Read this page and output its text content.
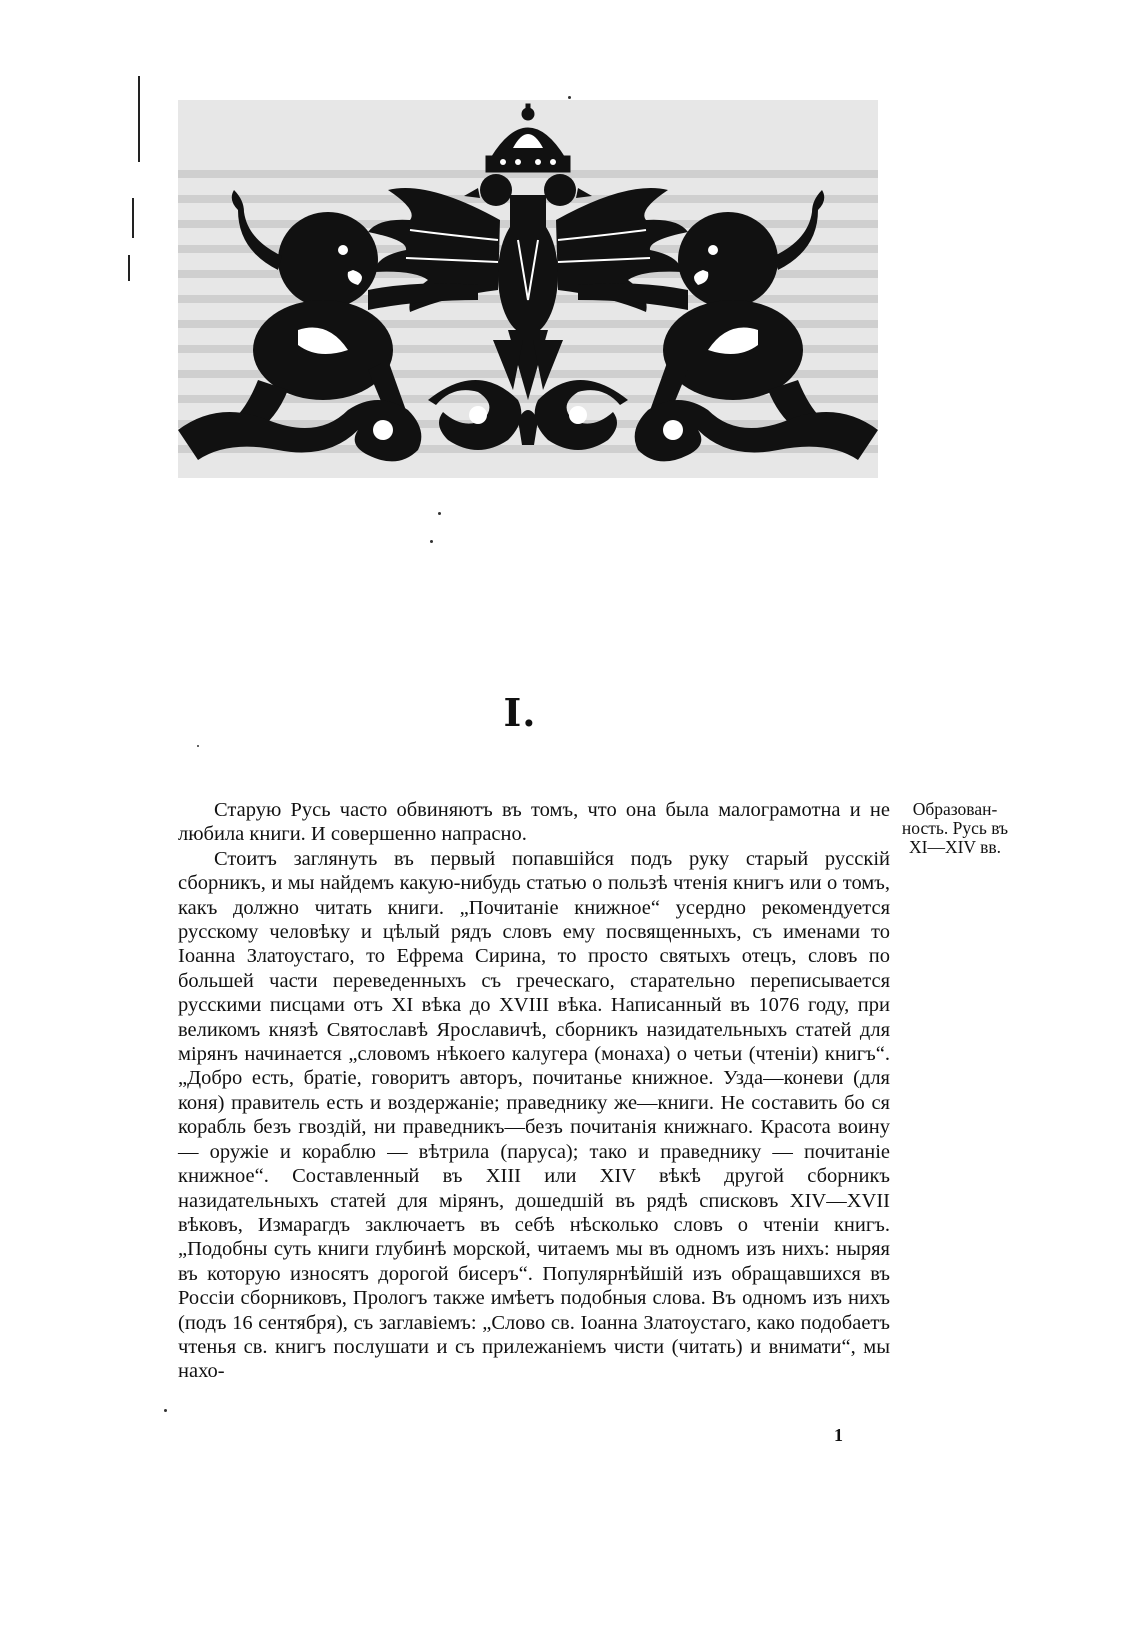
I.

Старую Русь часто обвиняютъ въ томъ, что она была малограмотна и не любила книги. И совершенно напрасно.

Стоитъ заглянуть въ первый попавшійся подъ руку старый русскій сборникъ, и мы найдемъ какую-нибудь статью о пользѣ чтенія книгъ или о томъ, какъ должно читать книги. „Почитаніе книжное“ усердно рекомендуется русскому человѣку и цѣлый рядъ словъ ему посвященныхъ, съ именами то Іоанна Златоустаго, то Ефрема Сирина, то просто святыхъ отецъ, словъ по большей части переведенныхъ съ греческаго, старательно переписывается русскими писцами отъ XI вѣка до XVIII вѣка. Написанный въ 1076 году, при великомъ князѣ Святославѣ Ярославичѣ, сборникъ назидательныхъ статей для мірянъ начинается „словомъ нѣкоего калугера (монаха) о четьи (чтеніи) книгъ“. „Добро есть, братіе, говоритъ авторъ, почитанье книжное. Узда—коневи (для коня) правитель есть и воздержаніе; праведнику же—книги. Не составить бо ся корабль безъ гвоздій, ни праведникъ—безъ почитанія книжнаго. Красота воину — оружіе и кораблю — вѣтрила (паруса); тако и праведнику — почитаніе книжное“. Составленный въ XIII или XIV вѣкѣ другой сборникъ назидательныхъ статей для мірянъ, дошедшій въ рядѣ списковъ XIV—XVII вѣковъ, Измарагдъ заключаетъ въ себѣ нѣсколько словъ о чтеніи книгъ. „Подобны суть книги глубинѣ морской, читаемъ мы въ одномъ изъ нихъ: ныряя въ которую износятъ дорогой бисеръ“. Популярнѣйшій изъ обращавшихся въ Россіи сборниковъ, Прологъ также имѣетъ подобныя слова. Въ одномъ изъ нихъ (подъ 16 сентября), съ заглавіемъ: „Слово св. Іоанна Златоустаго, како подобаетъ чтенья св. книгъ послушати и съ прилежаніемъ чисти (читать) и внимати“, мы нахо-

Образован-ность. Русь въ XI—XIV вв.
1
